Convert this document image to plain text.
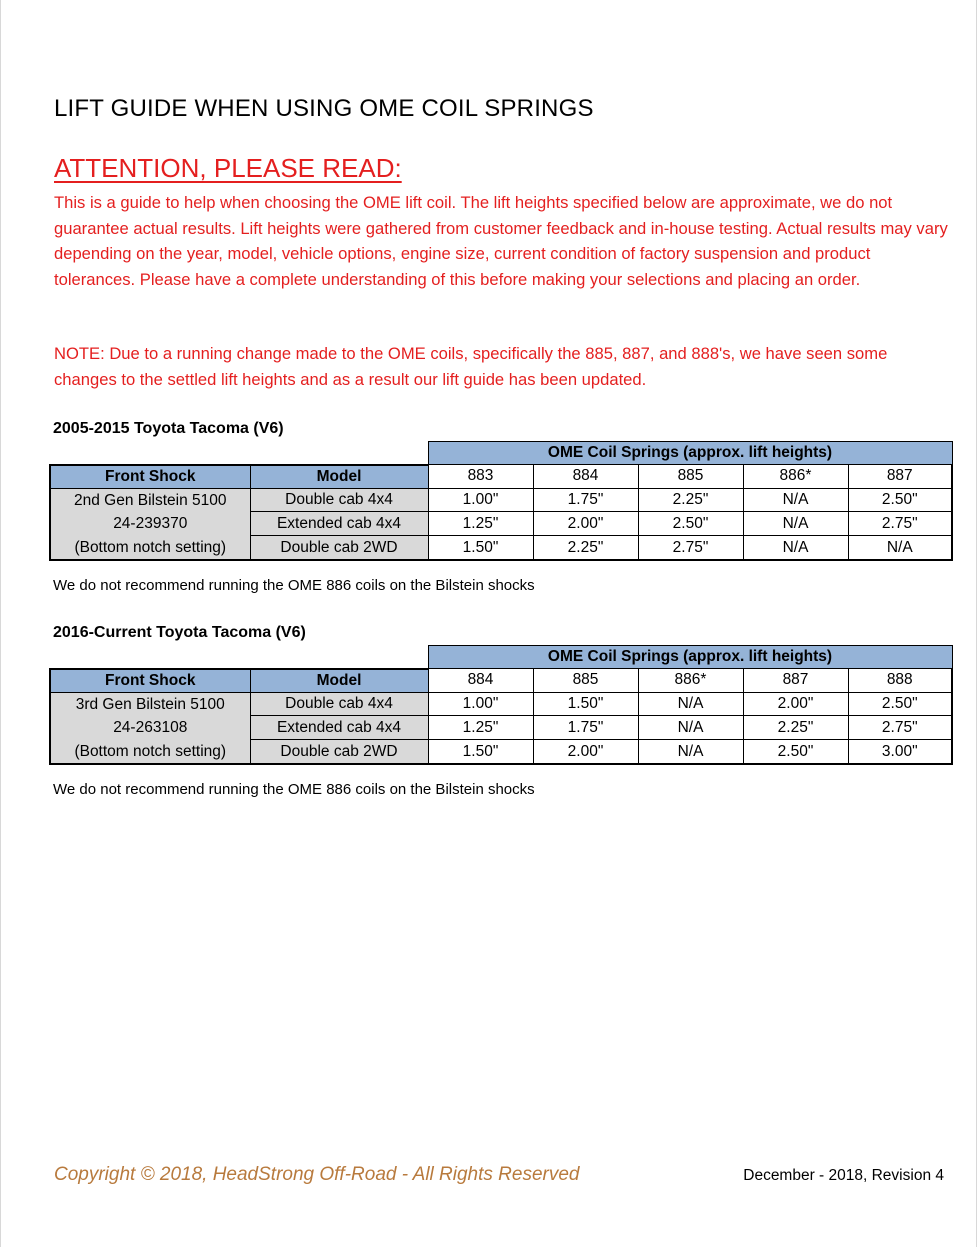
LIFT GUIDE WHEN USING OME COIL SPRINGS
ATTENTION, PLEASE READ:
This is a guide to help when choosing the OME lift coil. The lift heights specified below are approximate, we do not guarantee actual results. Lift heights were gathered from customer feedback and in-house testing. Actual results may vary depending on the year, model, vehicle options, engine size, current condition of factory suspension and product tolerances. Please have a complete understanding of this before making your selections and placing an order.
NOTE: Due to a running change made to the OME coils, specifically the 885, 887, and 888's, we have seen some changes to the settled lift heights and as a result our lift guide has been updated.
2005-2015 Toyota Tacoma (V6)
		OME Coil Springs (approx. lift heights)				
Front Shock	Model	883	884	885	886*	887

2nd Gen Bilstein 5100
24-239370
(Bottom notch setting)	Double cab 4x4	1.00"	1.75"	2.25"	N/A	2.50"
	Extended cab 4x4	1.25"	2.00"	2.50"	N/A	2.75"
	Double cab 2WD	1.50"	2.25"	2.75"	N/A	N/A
We do not recommend running the OME 886 coils on the Bilstein shocks
2016-Current Toyota Tacoma (V6)
		OME Coil Springs (approx. lift heights)				
Front Shock	Model	884	885	886*	887	888

3rd Gen Bilstein 5100
24-263108
(Bottom notch setting)	Double cab 4x4	1.00"	1.50"	N/A	2.00"	2.50"
	Extended cab 4x4	1.25"	1.75"	N/A	2.25"	2.75"
	Double cab 2WD	1.50"	2.00"	N/A	2.50"	3.00"
We do not recommend running the OME 886 coils on the Bilstein shocks
Copyright © 2018, HeadStrong Off-Road - All Rights Reserved	December - 2018, Revision 4
